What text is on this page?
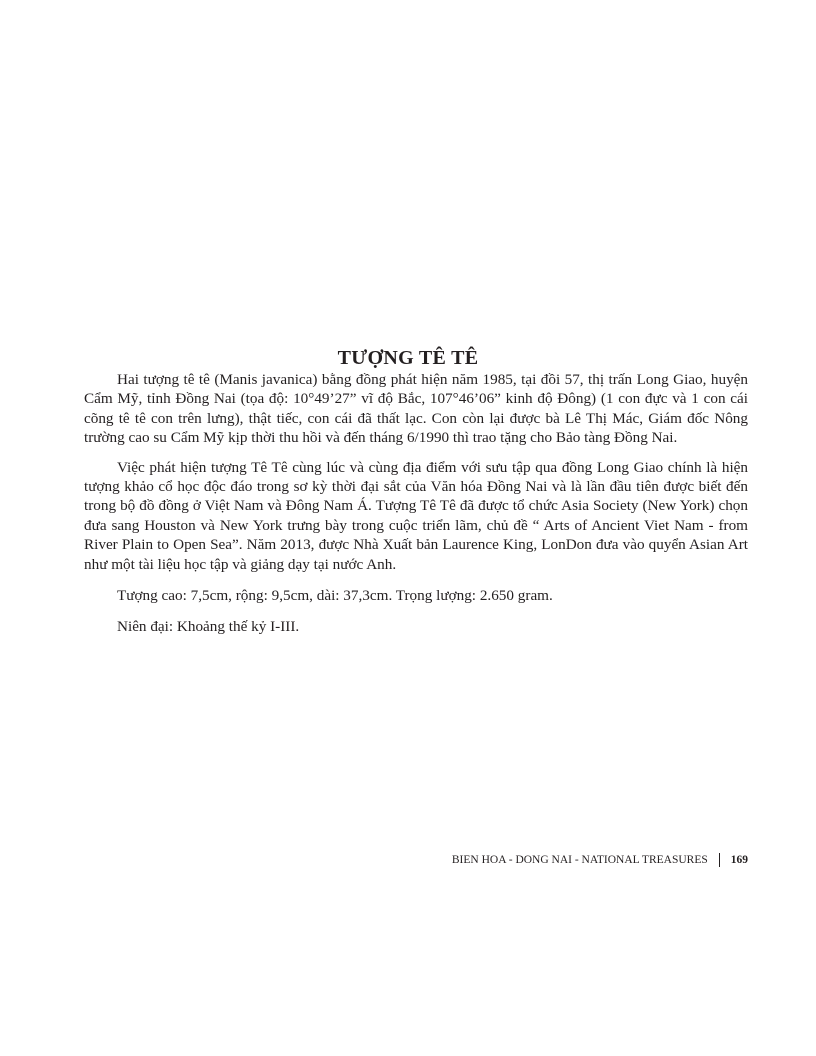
TƯỢNG TÊ TÊ

Hai tượng tê tê (Manis javanica) bằng đồng phát hiện năm 1985, tại đồi 57, thị trấn Long Giao, huyện Cẩm Mỹ, tỉnh Đồng Nai (tọa độ: 10°49’27” vĩ độ Bắc, 107°46’06” kinh độ Đông) (1 con đực và 1 con cái cõng tê tê con trên lưng), thật tiếc, con cái đã thất lạc. Con còn lại được bà Lê Thị Mác, Giám đốc Nông trường cao su Cẩm Mỹ kịp thời thu hồi và đến tháng 6/1990 thì trao tặng cho Bảo tàng Đồng Nai.

Việc phát hiện tượng Tê Tê cùng lúc và cùng địa điểm với sưu tập qua đồng Long Giao chính là hiện tượng khảo cổ học độc đáo trong sơ kỳ thời đại sắt của Văn hóa Đồng Nai và là lần đầu tiên được biết đến trong bộ đồ đồng ở Việt Nam và Đông Nam Á. Tượng Tê Tê đã được tổ chức Asia Society (New York) chọn đưa sang Houston và New York trưng bày trong cuộc triển lãm, chủ đề “ Arts of Ancient Viet Nam - from River Plain to Open Sea”. Năm 2013, được Nhà Xuất bản Laurence King, LonDon đưa vào quyển Asian Art như một tài liệu học tập và giảng dạy tại nước Anh.

Tượng cao: 7,5cm, rộng: 9,5cm, dài: 37,3cm. Trọng lượng: 2.650 gram.

Niên đại: Khoảng thế kỷ I-III.

BIEN HOA - DONG NAI - NATIONAL TREASURES 169
